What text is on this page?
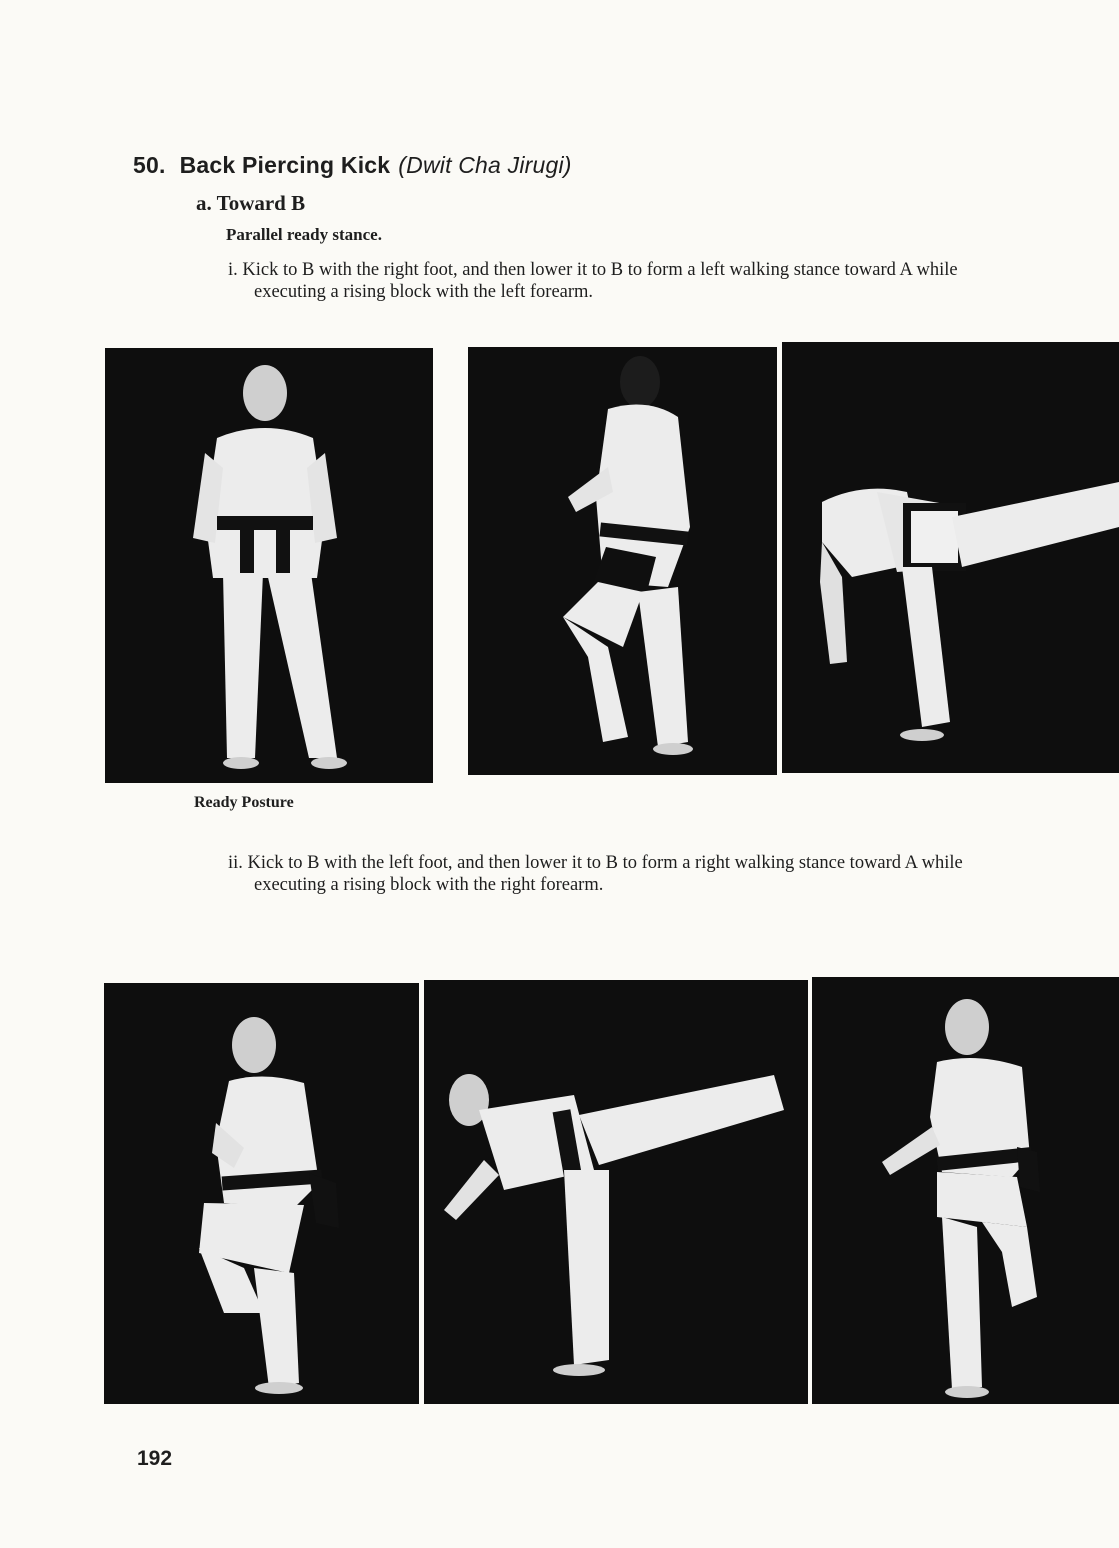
50. Back Piercing Kick (Dwit Cha Jirugi)
a. Toward B
Parallel ready stance.
i. Kick to B with the right foot, and then lower it to B to form a left walking stance toward A while executing a rising block with the left forearm.
Ready Posture
ii. Kick to B with the left foot, and then lower it to B to form a right walking stance toward A while executing a rising block with the right forearm.
192
